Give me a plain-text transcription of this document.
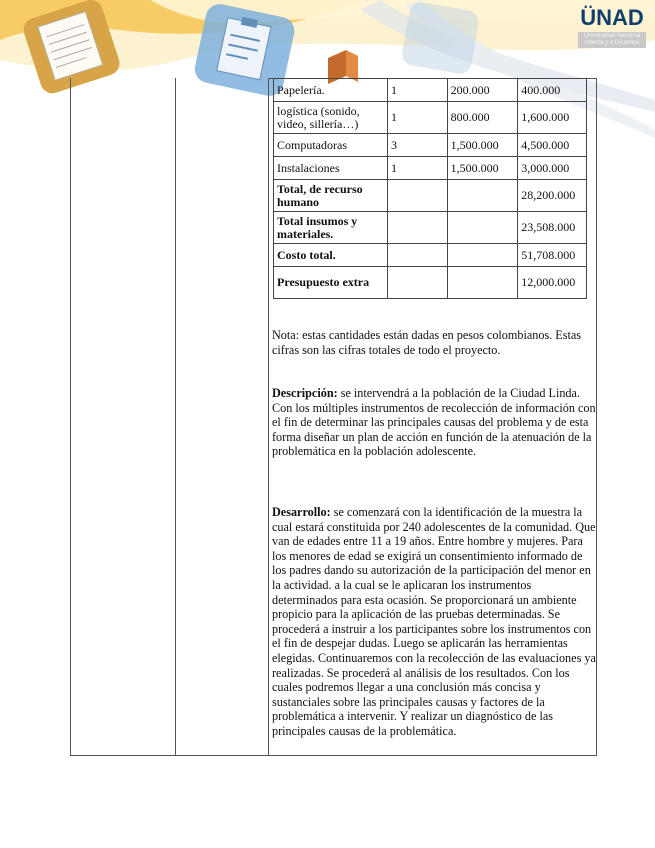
ÜNAD
Universidad Nacional Abierta y a Distancia
Papelería.	1	200.000	400.000
logística (sonido, video, sillería…)	1	800.000	1,600.000
Computadoras	3	1,500.000	4,500.000
Instalaciones	1	1,500.000	3,000.000
Total, de recurso humano			28,200.000
Total insumos y materiales.			23,508.000
Costo total.			51,708.000
Presupuesto extra			12,000.000
Nota: estas cantidades están dadas en pesos colombianos. Estas cifras son las cifras totales de todo el proyecto.
Descripción: se intervendrá a la población de la Ciudad Linda. Con los múltiples instrumentos de recolección de información con el fin de determinar las principales causas del problema y de esta forma diseñar un plan de acción en función de la atenuación de la problemática en la población adolescente.
Desarrollo: se comenzará con la identificación de la muestra la cual estará constituida por 240 adolescentes de la comunidad. Que van de edades entre 11 a 19 años. Entre hombre y mujeres. Para los menores de edad se exigirá un consentimiento informado de los padres dando su autorización de la participación del menor en la actividad. a la cual se le aplicaran los instrumentos determinados para esta ocasión. Se proporcionará un ambiente propicio para la aplicación de las pruebas determinadas. Se procederá a instruir a los participantes sobre los instrumentos con el fin de despejar dudas. Luego se aplicarán las herramientas elegidas. Continuaremos con la recolección de las evaluaciones ya realizadas. Se procederá al análisis de los resultados. Con los cuales podremos llegar a una conclusión más concisa y sustanciales sobre las principales causas y factores de la problemática a intervenir. Y realizar un diagnóstico de las principales causas de la problemática.
